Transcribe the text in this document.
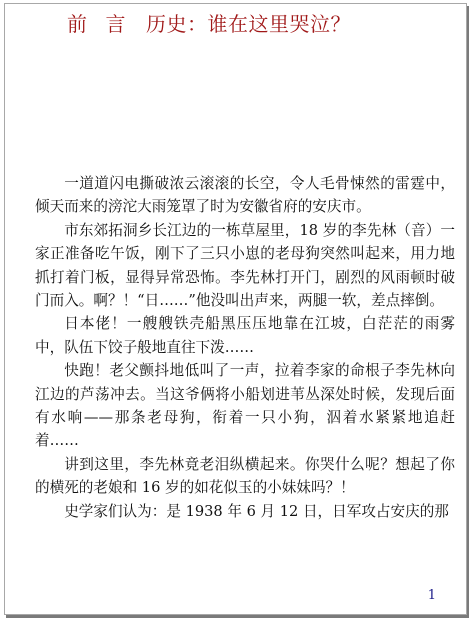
前 言 历史：谁在这里哭泣？

一道道闪电撕破浓云滚滚的长空，令人毛骨悚然的雷霆中，倾天而来的滂沱大雨笼罩了时为安徽省府的安庆市。

市东郊拓洞乡长江边的一栋草屋里，18 岁的李先林（音）一家正准备吃午饭，刚下了三只小崽的老母狗突然叫起来，用力地抓打着门板，显得异常恐怖。李先林打开门，剧烈的风雨顿时破门而入。啊？！“日……”他没叫出声来，两腿一软，差点摔倒。

日本佬！一艘艘铁壳船黑压压地靠在江坡，白茫茫的雨雾中，队伍下饺子般地直往下泼……

快跑！老父颤抖地低叫了一声，拉着李家的命根子李先林向江边的芦荡冲去。当这爷俩将小船划进苇丛深处时候，发现后面有水响——那条老母狗，衔着一只小狗，泅着水紧紧地追赶着……

讲到这里，李先林竟老泪纵横起来。你哭什么呢？想起了你的横死的老娘和 16 岁的如花似玉的小妹妹吗？！

史学家们认为：是 1938 年 6 月 12 日，日军攻占安庆的那

1
